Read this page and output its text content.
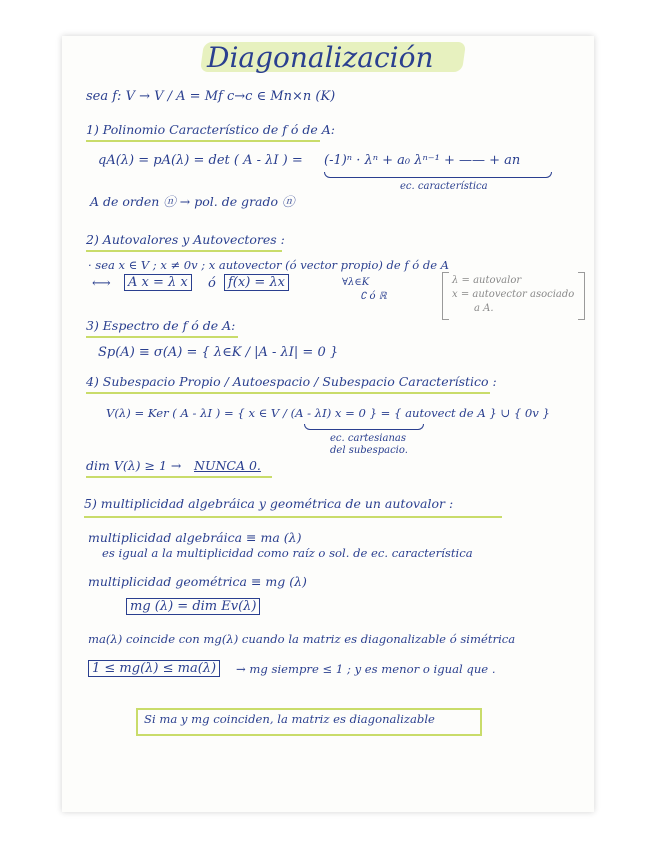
Diagonalización
sea f: V → V / A = Mf c→c ∈ Mn×n (K)
1) Polinomio Característico de f ó de A:
qA(λ) = pA(λ) = det ( A - λI ) = (-1)ⁿ · λⁿ + a₀ λⁿ⁻¹ + —— + an
ec. característica
A de orden ⓝ → pol. de grado ⓝ
2) Autovalores y Autovectores :
· sea x ∈ V ; x ≠ 0v ; x autovector (ó vector propio) de f ó de A
⟷	A x = λ x	ó f(x) = λx	∀λ∈K
∁ ó ℝ
λ = autovalor
x = autovector asociado
a A.
3) Espectro de f ó de A:
Sp(A) ≡ σ(A) = { λ∈K / |A - λI| = 0 }
4) Subespacio Propio / Autoespacio / Subespacio Característico :
V(λ) = Ker ( A - λI ) = { x ∈ V / (A - λI) x = 0 } = { autovect de A } ∪ { 0v }
ec. cartesianas
del subespacio.
dim V(λ) ≥ 1 → NUNCA 0.
5) multiplicidad algebráica y geométrica de un autovalor :
multiplicidad algebráica ≡ ma (λ)
es igual a la multiplicidad como raíz o sol. de ec. característica
multiplicidad geométrica ≡ mg (λ)
mg (λ) = dim Ev(λ)
ma(λ) coincide con mg(λ) cuando la matriz es diagonalizable ó simétrica
1 ≤ mg(λ) ≤ ma(λ)	→ mg siempre ≤ 1 ; y es menor o igual que .
Si ma y mg coinciden, la matriz es diagonalizable
